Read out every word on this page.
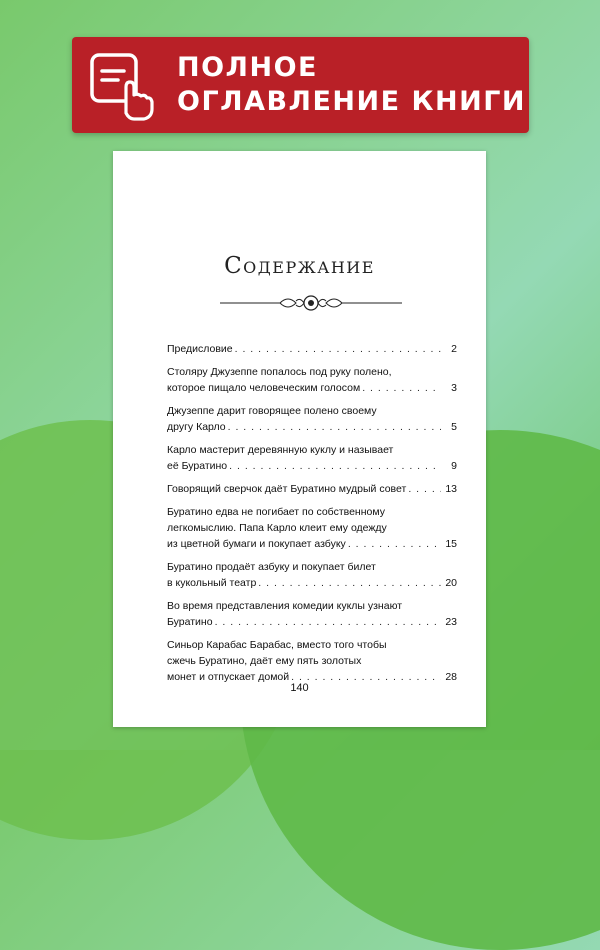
ПОЛНОЕ
ОГЛАВЛЕНИЕ КНИГИ
Содержание
Предисловие . . .	2
Столяру Джузеппе попалось под руку полено,
которое пищало человеческим голосом . . .	3
Джузеппе дарит говорящее полено своему
другу Карло . . .	5
Карло мастерит деревянную куклу и называет
её Буратино . . .	9
Говорящий сверчок даёт Буратино мудрый совет . . .	13
Буратино едва не погибает по собственному
легкомыслию. Папа Карло клеит ему одежду
из цветной бумаги и покупает азбуку . . .	15
Буратино продаёт азбуку и покупает билет
в кукольный театр . . .	20
Во время представления комедии куклы узнают
Буратино . . .	23
Синьор Карабас Барабас, вместо того чтобы
сжечь Буратино, даёт ему пять золотых
монет и отпускает домой . . .	28
140
